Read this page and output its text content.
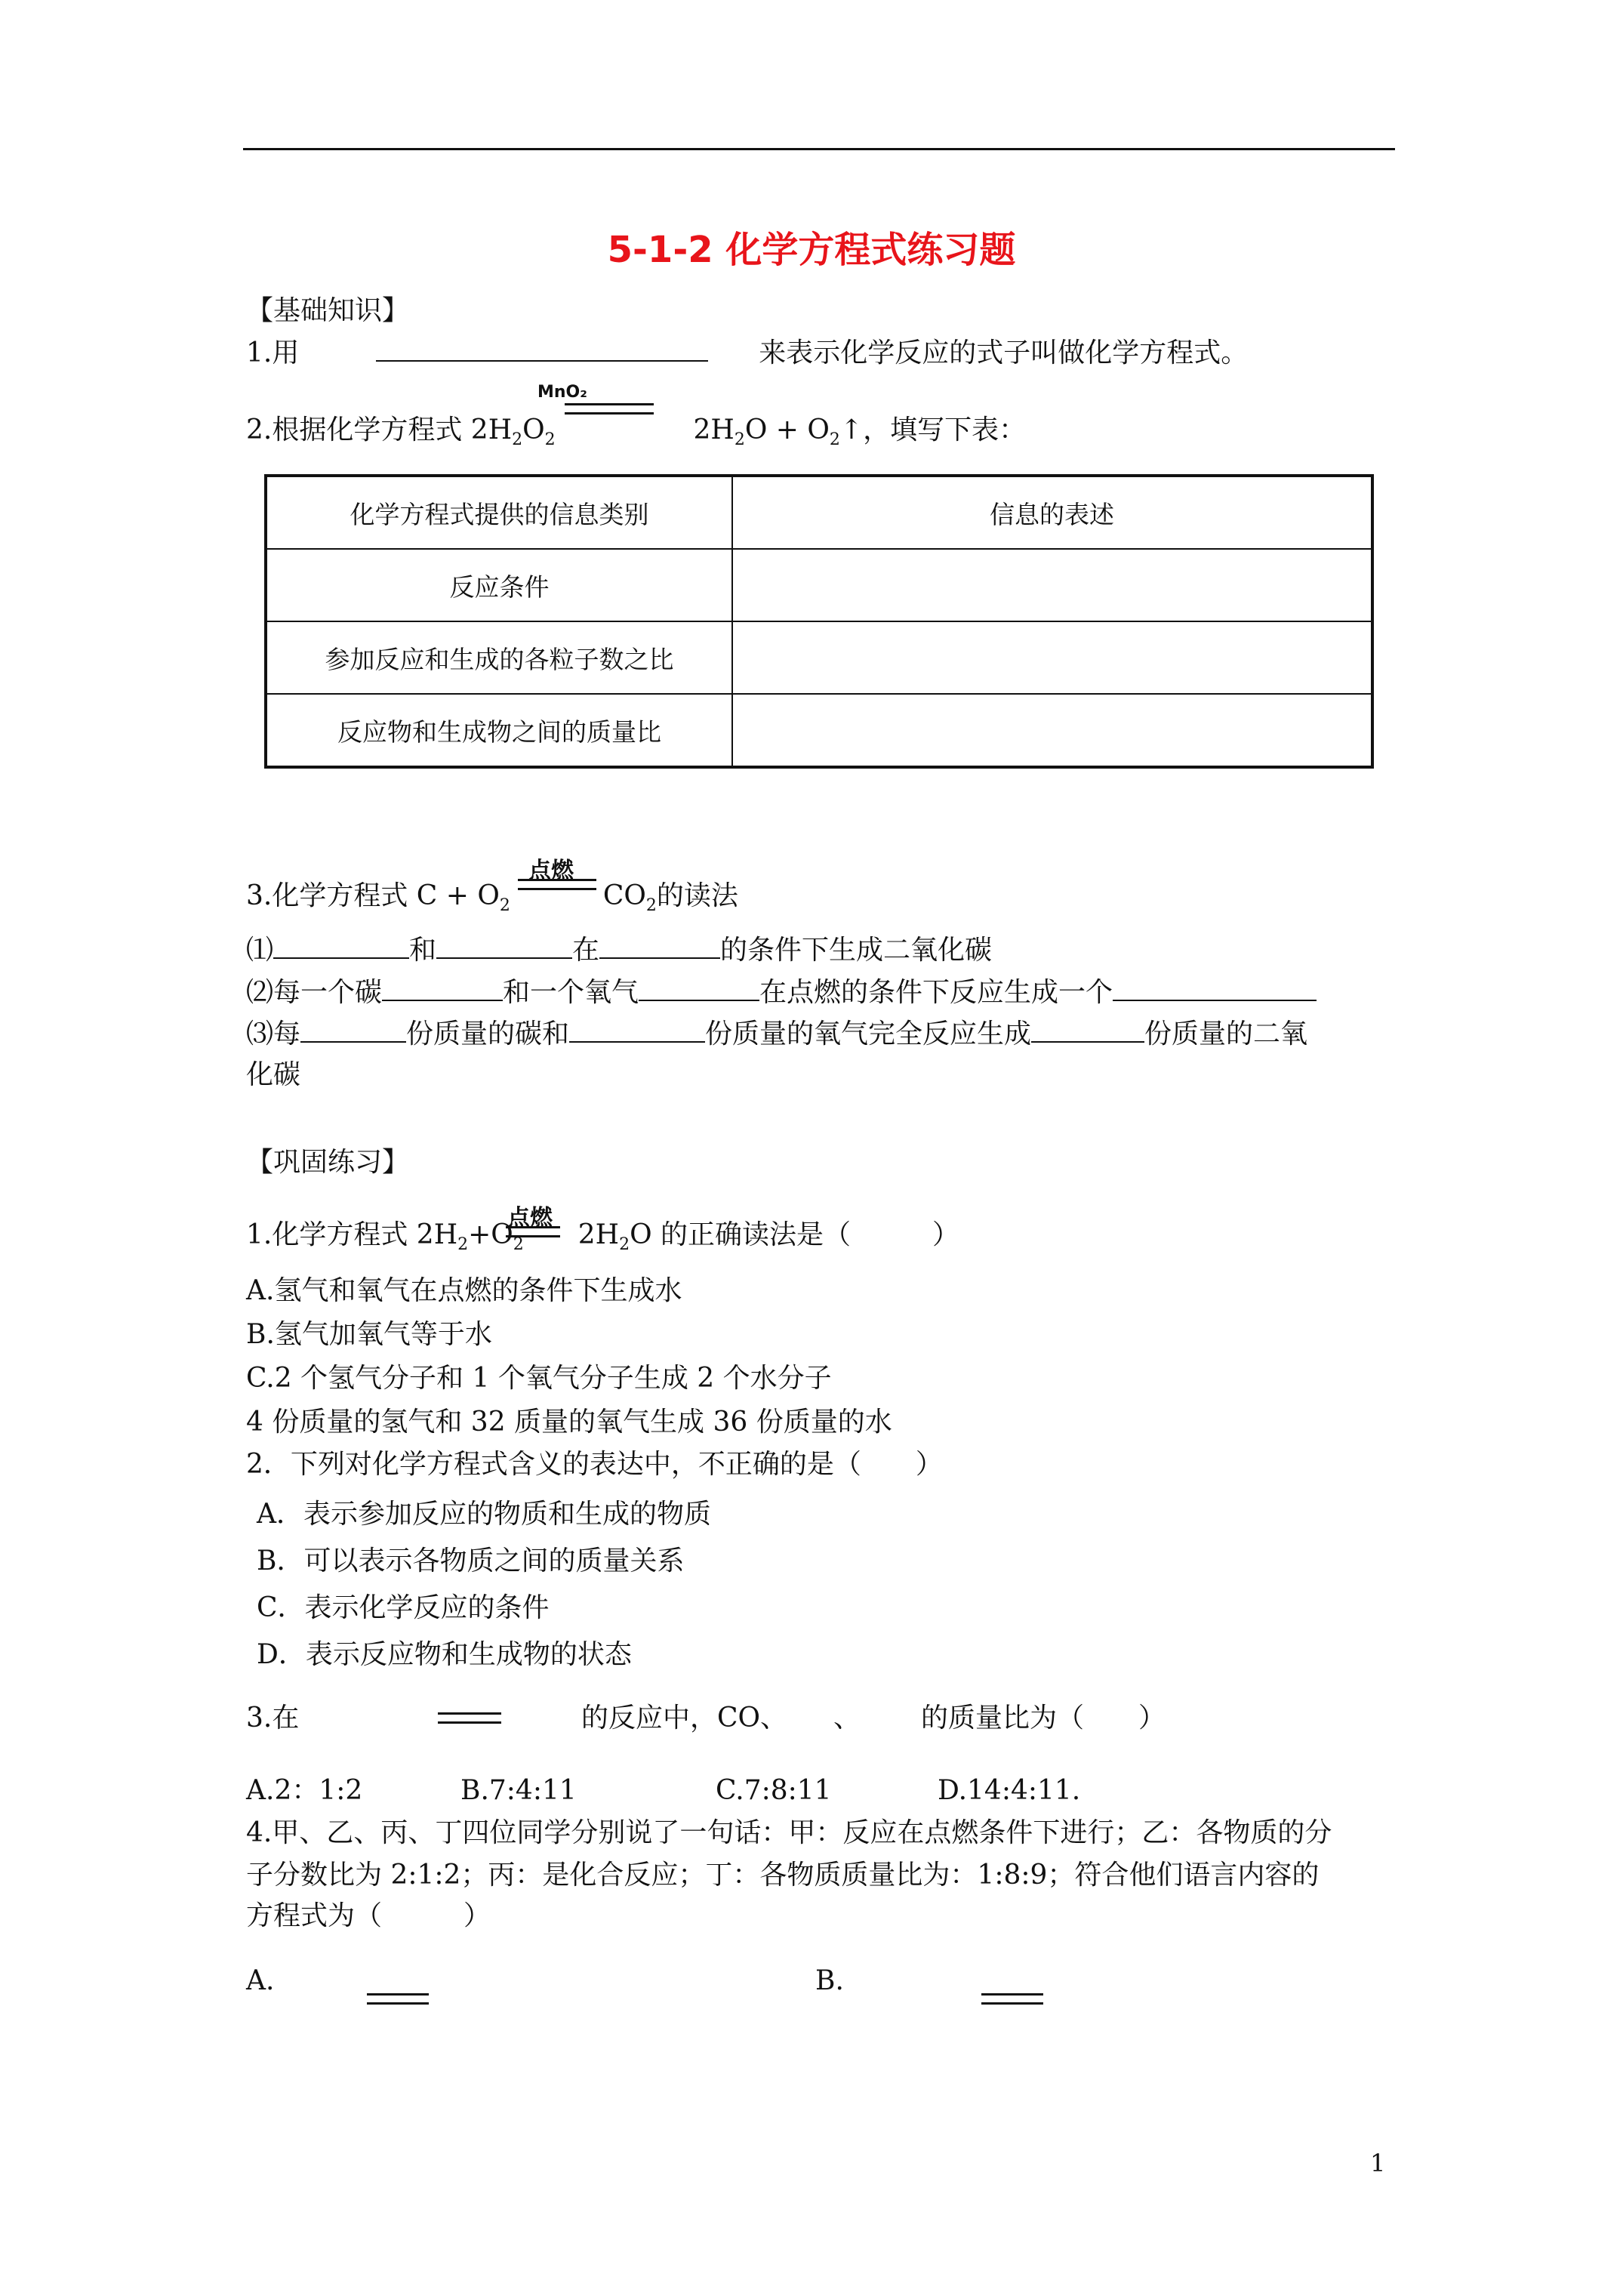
5-1-2 化学方程式练习题
【基础知识】
1.用	来表示化学反应的式子叫做化学方程式。
2.根据化学方程式 $2H_2O_2$	$2H_2O$ + $O_2↑$，填写下表：
MnO₂
化学方程式提供的信息类别	信息的表述
反应条件	
参加反应和生成的各粒子数之比	
反应物和生成物之间的质量比	
3.化学方程式 $C + O_2$	$CO_2$的读法
点燃
⑴	和	在	的条件下生成二氧化碳
⑵每一个碳	和一个氧气	在点燃的条件下反应生成一个
⑶每	份质量的碳和	份质量的氧气完全反应生成	份质量的二氧
化碳
【巩固练习】
1.化学方程式 $2H_2+O_2$ $2H_2O$ 的正确读法是（　　　）
点燃
A.氢气和氧气在点燃的条件下生成水
B.氢气加氧气等于水
C.2 个氢气分子和 1 个氧气分子生成 2 个水分子
4 份质量的氢气和 32 质量的氧气生成 36 份质量的水
2．下列对化学方程式含义的表达中，不正确的是（　　）
A．表示参加反应的物质和生成的物质
B．可以表示各物质之间的质量关系
C．表示化学反应的条件
D．表示反应物和生成物的状态
3.在	的反应中，CO、 、 的质量比为（　　）
A.2：1:2	B.7:4:11	C.7:8:11	D.14:4:11.
4.甲、乙、丙、丁四位同学分别说了一句话：甲：反应在点燃条件下进行；乙：各物质的分
子分数比为 2:1:2；丙：是化合反应；丁：各物质质量比为：1:8:9；符合他们语言内容的
方程式为（　　　）
A.	B.
1
